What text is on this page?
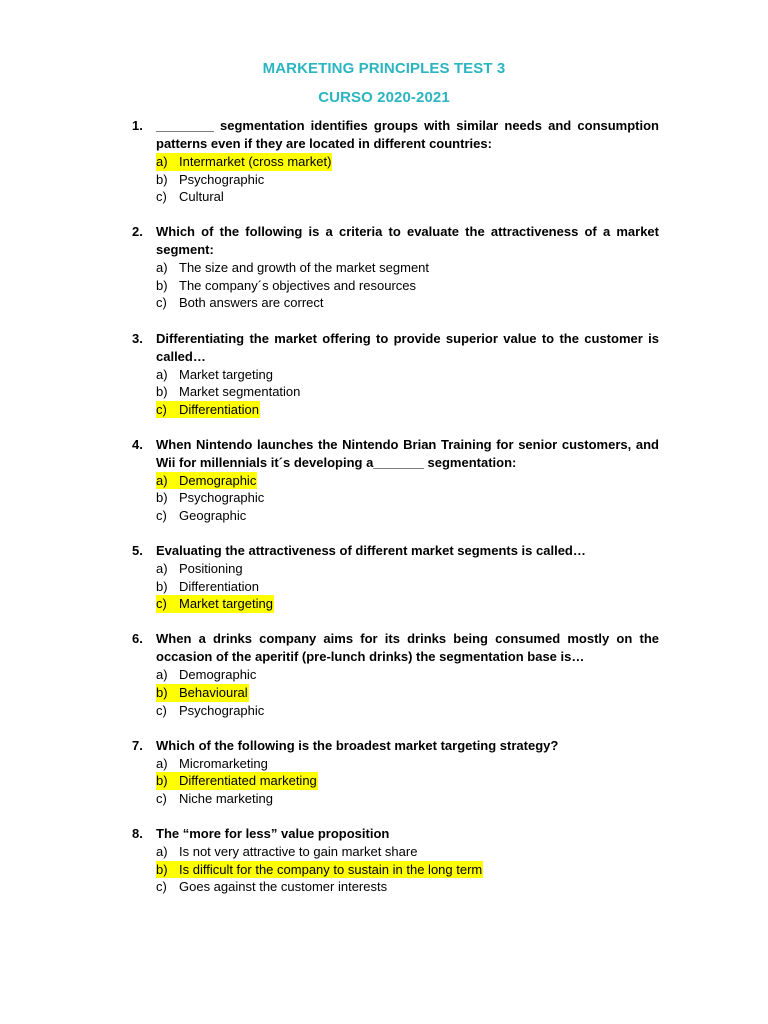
MARKETING PRINCIPLES TEST 3
CURSO 2020-2021
1. ________ segmentation identifies groups with similar needs and consumption patterns even if they are located in different countries:
a) Intermarket (cross market)
b) Psychographic
c) Cultural
2. Which of the following is a criteria to evaluate the attractiveness of a market segment:
a) The size and growth of the market segment
b) The company´s objectives and resources
c) Both answers are correct
3. Differentiating the market offering to provide superior value to the customer is called…
a) Market targeting
b) Market segmentation
c) Differentiation
4. When Nintendo launches the Nintendo Brian Training for senior customers, and Wii for millennials it´s developing a_______ segmentation:
a) Demographic
b) Psychographic
c) Geographic
5. Evaluating the attractiveness of different market segments is called…
a) Positioning
b) Differentiation
c) Market targeting
6. When a drinks company aims for its drinks being consumed mostly on the occasion of the aperitif (pre-lunch drinks) the segmentation base is…
a) Demographic
b) Behavioural
c) Psychographic
7. Which of the following is the broadest market targeting strategy?
a) Micromarketing
b) Differentiated marketing
c) Niche marketing
8. The “more for less” value proposition
a) Is not very attractive to gain market share
b) Is difficult for the company to sustain in the long term
c) Goes against the customer interests
